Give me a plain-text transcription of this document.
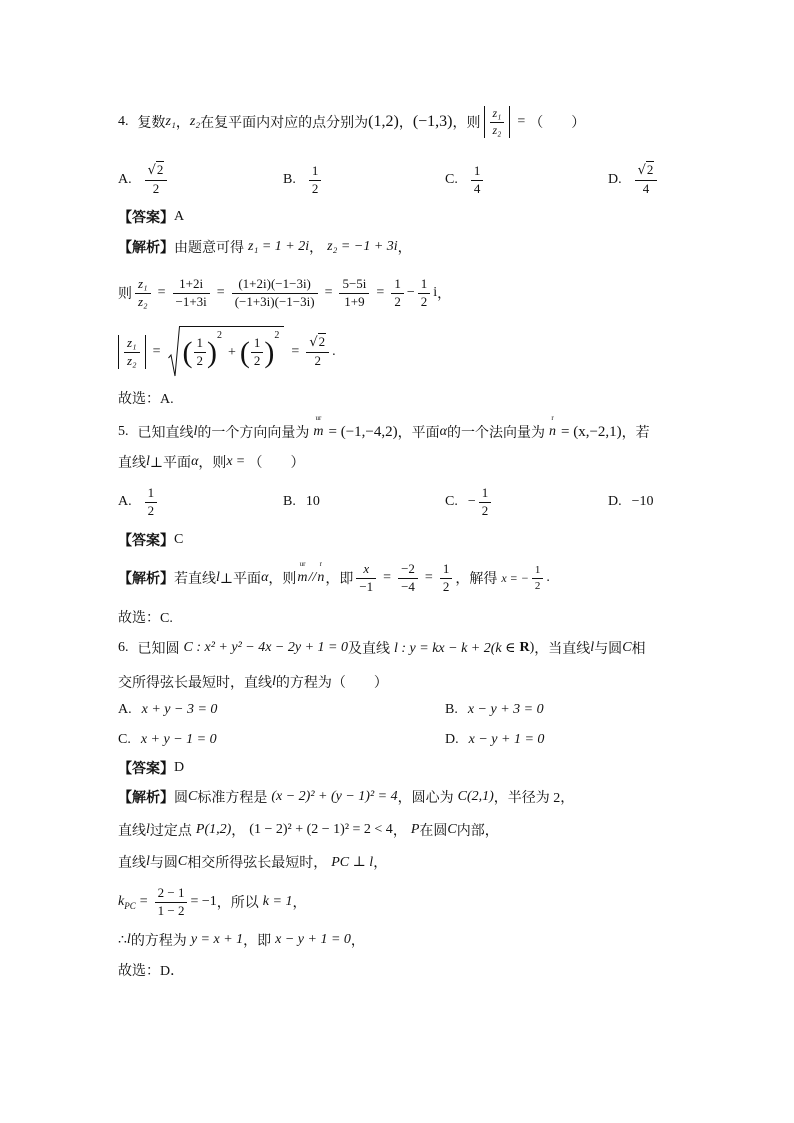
4. 复数 z₁ ， z₂ 在复平面内对应的点分别为 (1,2) ， (−1,3) ，则 $\frac{\text{z₁}}{\text{z₂}}$ = （　　）
A. $\frac{√2}{2}$	B. $\frac{1}{2}$	C. $\frac{1}{4}$	D. $\frac{√2}{4}$
【答案】 A
【解析】 由题意可得 z₁ = 1 + 2i ， z₂ = −1 + 3i ，
则 $\frac{\text{z₁}}{\text{z₂}} = \frac{1+2i}{-1+3i} = \frac{(1+2i)(-1-3i)}{(-1+3i)(-1-3i)} = \frac{5-5i}{1+9} = \frac{1}{2} - \frac{1}{2}$ i ，
$\frac{\text{z₁}}{\text{z₂}}$ = ( $\frac{1}{2}$ ) 2
+ ( $\frac{1}{2}$ ) 2
= $\frac{√2}{2}$ .
故选：A.
5. 已知直线 l 的一个方向向量为
ur
m = (−1,−4,2) ，平面 α 的一个法向量为
r
n = (x,−2,1) ，若
直线 l ⊥平面 α ，则 x = （　　）
A. $\frac{1}{2}$	B. 10	C. − $\frac{1}{2}$	D. −10
【答案】 C
【解析】 若直线 l ⊥平面 α ，则
ur
m //
r
n ，即 $\frac{x}{-1} = \frac{-2}{-4} = \frac{1}{2}$ ，解得 x = − $\frac{1}{2}$ .
故选：C.
6. 已知圆 C : x² + y² − 4x − 2y + 1 = 0 及直线 l : y = kx − k + 2(k ∈ R ) ，当直线 l 与圆 C 相
交所得弦长最短时，直线 l 的方程为（　　）
A. x + y − 3 = 0	B. x − y + 3 = 0
C. x + y − 1 = 0	D. x − y + 1 = 0
【答案】 D
【解析】 圆 C 标准方程是 (x − 2)² + (y − 1)² = 4 ，圆心为 C(2,1) ，半径为 2，
直线 l 过定点 P(1,2) ， (1 − 2)² + (2 − 1)² = 2 < 4 ， P 在圆 C 内部，
直线 l 与圆 C 相交所得弦长最短时， PC ⊥ l ，
$k_{PC} = \frac{2 - 1}{1 - 2} = -1$ ，所以 k = 1 ，
∴ l 的方程为 y = x + 1 ，即 x − y + 1 = 0 ，
故选：D．
